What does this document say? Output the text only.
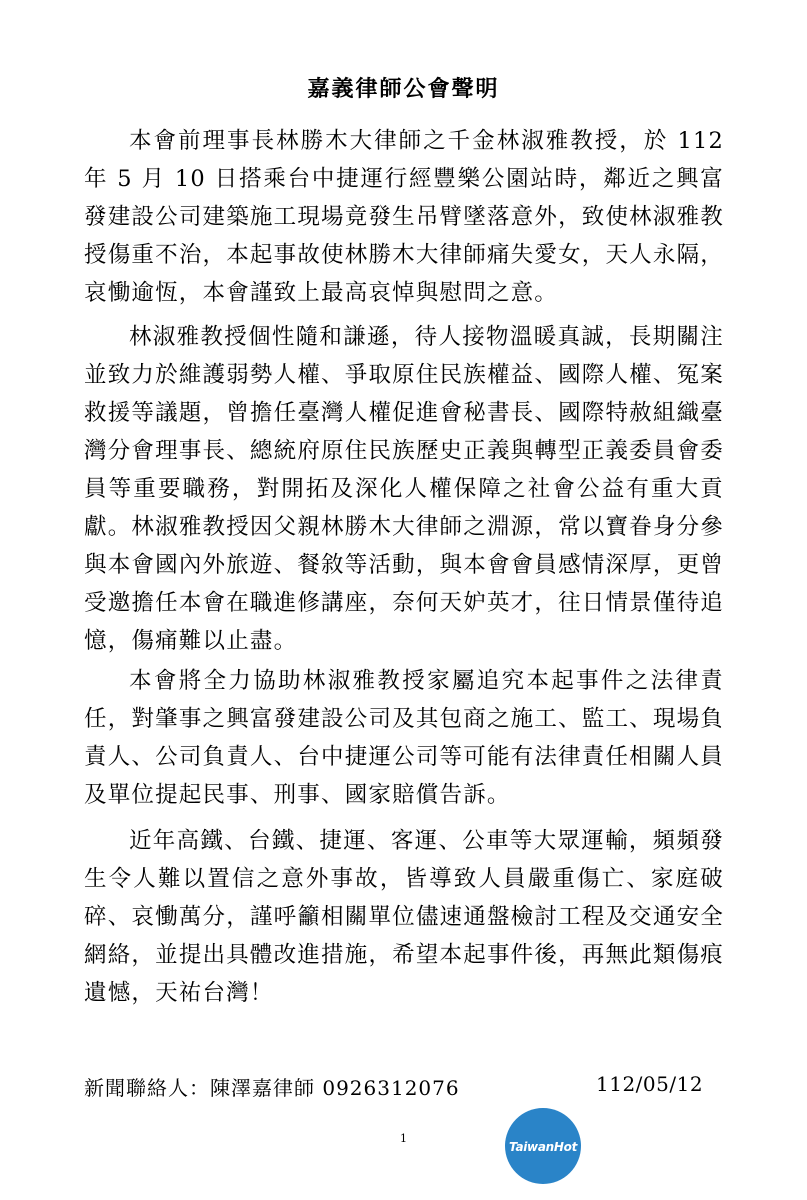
嘉義律師公會聲明

本會前理事長林勝木大律師之千金林淑雅教授，於 112 年 5 月 10 日搭乘台中捷運行經豐樂公園站時，鄰近之興富發建設公司建築施工現場竟發生吊臂墜落意外，致使林淑雅教授傷重不治，本起事故使林勝木大律師痛失愛女，天人永隔，哀慟逾恆，本會謹致上最高哀悼與慰問之意。

林淑雅教授個性隨和謙遜，待人接物溫暖真誠，長期關注並致力於維護弱勢人權、爭取原住民族權益、國際人權、冤案救援等議題，曾擔任臺灣人權促進會秘書長、國際特赦組織臺灣分會理事長、總統府原住民族歷史正義與轉型正義委員會委員等重要職務，對開拓及深化人權保障之社會公益有重大貢獻。林淑雅教授因父親林勝木大律師之淵源，常以寶眷身分參與本會國內外旅遊、餐敘等活動，與本會會員感情深厚，更曾受邀擔任本會在職進修講座，奈何天妒英才，往日情景僅待追憶，傷痛難以止盡。

本會將全力協助林淑雅教授家屬追究本起事件之法律責任，對肇事之興富發建設公司及其包商之施工、監工、現場負責人、公司負責人、台中捷運公司等可能有法律責任相關人員及單位提起民事、刑事、國家賠償告訴。

近年高鐵、台鐵、捷運、客運、公車等大眾運輸，頻頻發生令人難以置信之意外事故，皆導致人員嚴重傷亡、家庭破碎、哀慟萬分，謹呼籲相關單位儘速通盤檢討工程及交通安全網絡，並提出具體改進措施，希望本起事件後，再無此類傷痕遺憾，天祐台灣！

新聞聯絡人：陳澤嘉律師 0926312076	112/05/12
1
TaiwanHot
